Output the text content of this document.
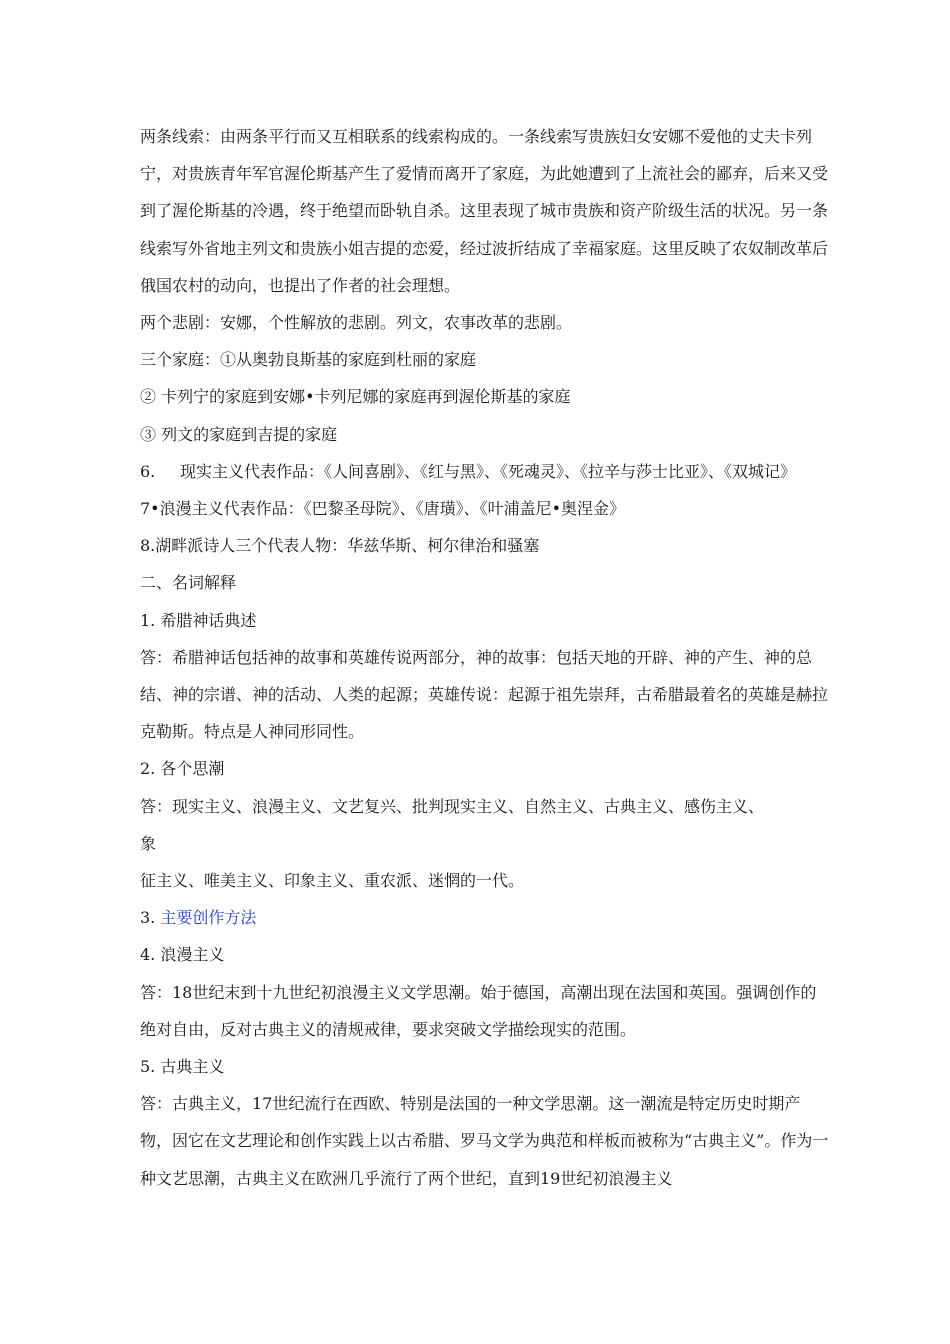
两条线索：由两条平行而又互相联系的线索构成的。一条线索写贵族妇女安娜不爱他的丈夫卡列宁，对贵族青年军官渥伦斯基产生了爱情而离开了家庭，为此她遭到了上流社会的鄙弃，后来又受到了渥伦斯基的冷遇，终于绝望而卧轨自杀。这里表现了城市贵族和资产阶级生活的状况。另一条线索写外省地主列文和贵族小姐吉提的恋爱，经过波折结成了幸福家庭。这里反映了农奴制改革后俄国农村的动向，也提出了作者的社会理想。

两个悲剧：安娜，个性解放的悲剧。列文，农事改革的悲剧。

三个家庭：①从奥勃良斯基的家庭到杜丽的家庭

② 卡列宁的家庭到安娜•卡列尼娜的家庭再到渥伦斯基的家庭

③ 列文的家庭到吉提的家庭

6. 现实主义代表作品：《人间喜剧》、《红与黑》、《死魂灵》、《拉辛与莎士比亚》、《双城记》

7•浪漫主义代表作品：《巴黎圣母院》、《唐璜》、《叶浦盖尼•奥涅金》

8.湖畔派诗人三个代表人物：华兹华斯、柯尔律治和骚塞

二、名词解释

1. 希腊神话典述

答：希腊神话包括神的故事和英雄传说两部分，神的故事：包括天地的开辟、神的产生、神的总结、神的宗谱、神的活动、人类的起源；英雄传说：起源于祖先崇拜，古希腊最着名的英雄是赫拉克勒斯。特点是人神同形同性。

2. 各个思潮

答：现实主义、浪漫主义、文艺复兴、批判现实主义、自然主义、古典主义、感伤主义、

象

征主义、唯美主义、印象主义、重农派、迷惘的一代。

3. 主要创作方法

4. 浪漫主义

答：18世纪末到十九世纪初浪漫主义文学思潮。始于德国，高潮出现在法国和英国。强调创作的绝对自由，反对古典主义的清规戒律，要求突破文学描绘现实的范围。

5. 古典主义

答：古典主义，17世纪流行在西欧、特别是法国的一种文学思潮。这一潮流是特定历史时期产物，因它在文艺理论和创作实践上以古希腊、罗马文学为典范和样板而被称为“古典主义”。作为一种文艺思潮，古典主义在欧洲几乎流行了两个世纪，直到19世纪初浪漫主义
